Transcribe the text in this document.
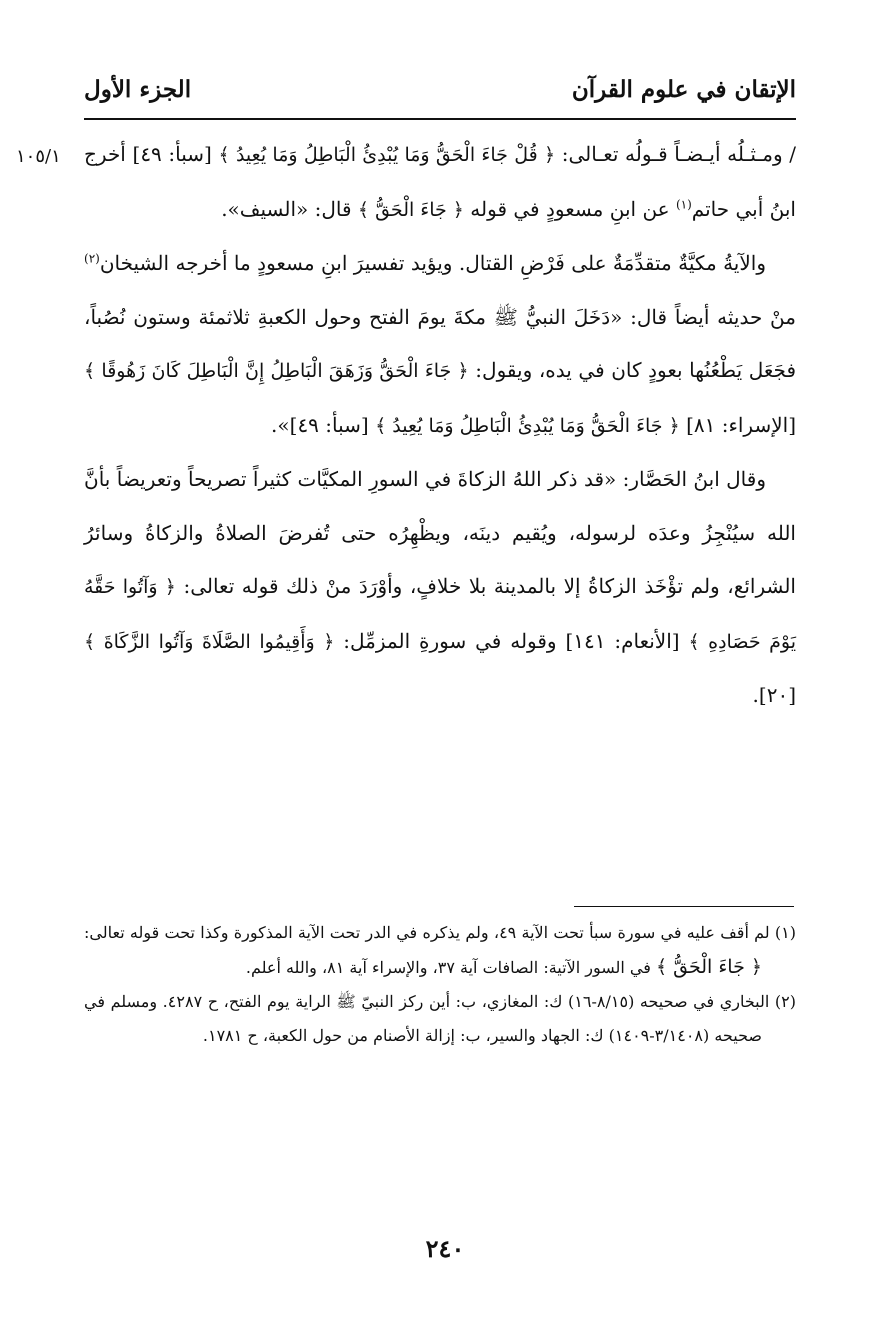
الإتقان في علوم القرآن
الجزء الأول
١٠٥/١	/ ومـثـلُه أيـضـاً قـولُه تعـالى: ﴿ قُلْ جَاءَ الْحَقُّ وَمَا يُبْدِئُ الْبَاطِلُ وَمَا يُعِيدُ ﴾ [سبأ: ٤٩] أخرج ابنُ أبي حاتم$^{(١)}$ عن ابنِ مسعودٍ في قوله ﴿ جَاءَ الْحَقُّ ﴾ قال: «السيف».

والآيةُ مكيَّةٌ متقدِّمَةٌ على فَرْضِ القتال. ويؤيد تفسيرَ ابنِ مسعودٍ ما أخرجه الشيخان$^{(٢)}$ منْ حديثه أيضاً قال: «دَخَلَ النبيُّ ﷺ مكةَ يومَ الفتح وحول الكعبةِ ثلاثمئة وستون نُصُباً، فجَعَل يَطْعُنُها بعودٍ كان في يده، ويقول: ﴿ جَاءَ الْحَقُّ وَزَهَقَ الْبَاطِلُ إِنَّ الْبَاطِلَ كَانَ زَهُوقًا ﴾ [الإسراء: ٨١] ﴿ جَاءَ الْحَقُّ وَمَا يُبْدِئُ الْبَاطِلُ وَمَا يُعِيدُ ﴾ [سبأ: ٤٩]».

وقال ابنُ الحَصَّار: «قد ذكر اللهُ الزكاةَ في السورِ المكيَّات كثيراً تصريحاً وتعريضاً بأنَّ الله سيُنْجِزُ وعدَه لرسوله، ويُقيم دينَه، ويظْهِرُه حتى تُفرضَ الصلاةُ والزكاةُ وسائرُ الشرائع، ولم تؤْخَذ الزكاةُ إلا بالمدينة بلا خلافٍ، وأوْرَدَ منْ ذلك قوله تعالى: ﴿ وَآتُوا حَقَّهُ يَوْمَ حَصَادِهِ ﴾ [الأنعام: ١٤١] وقوله في سورةِ المزمِّل: ﴿ وَأَقِيمُوا الصَّلَاةَ وَآتُوا الزَّكَاةَ ﴾ [٢٠].

(١) لم أقف عليه في سورة سبأ تحت الآية ٤٩، ولم يذكره في الدر تحت الآية المذكورة وكذا تحت قوله تعالى: ﴿ جَاءَ الْحَقُّ ﴾ في السور الآتية: الصافات آية ٣٧، والإسراء آية ٨١، والله أعلم.

(٢) البخاري في صحيحه (٨/١٥-١٦) ك: المغازي، ب: أين ركز النبيّ ﷺ الراية يوم الفتح، ح ٤٢٨٧. ومسلم في صحيحه (٣/١٤٠٨-١٤٠٩) ك: الجهاد والسير، ب: إزالة الأصنام من حول الكعبة، ح ١٧٨١.

٢٤٠
